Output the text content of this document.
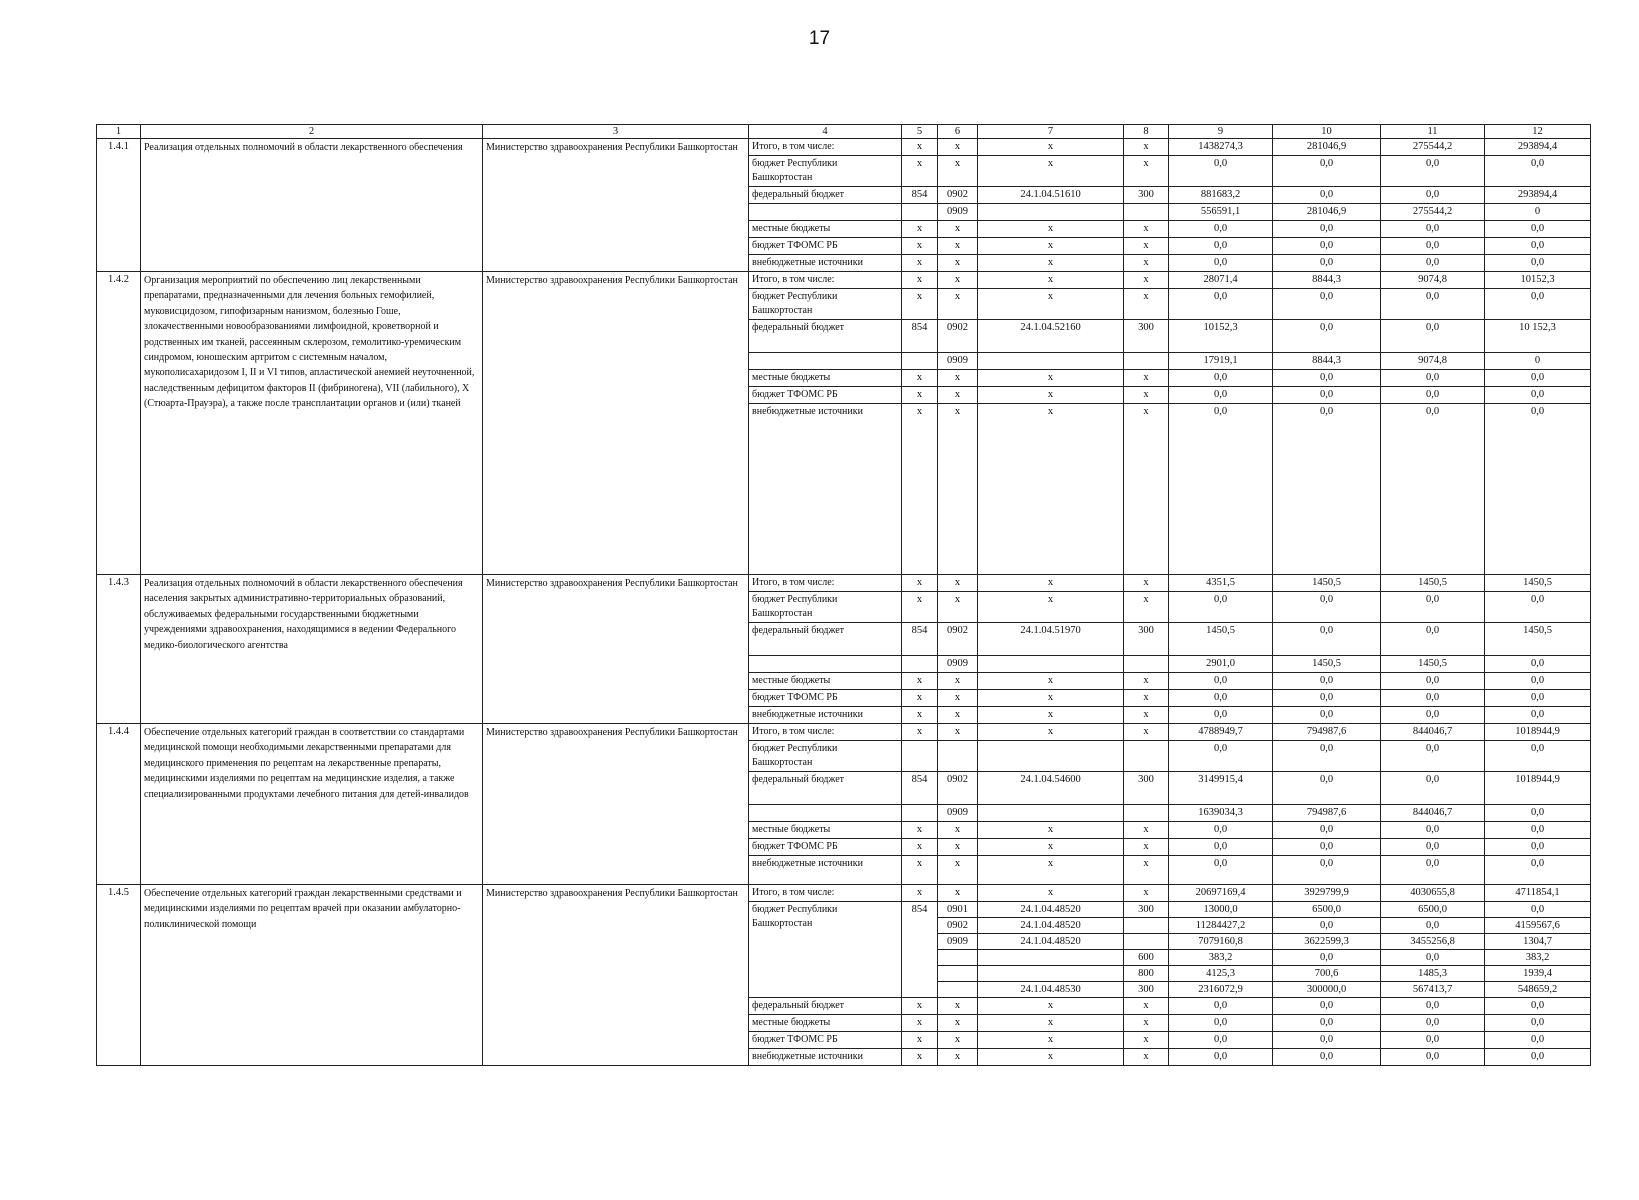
17
1	2	3	4	5	6	7	8	9	10	11	12
1.4.1	Реализация отдельных полномочий в области лекарственного обеспечения	Министерство здравоохранения Республики Башкортостан	Итого, в том числе:	x	x	x	x	1438274,3	281046,9	275544,2	293894,4
			бюджет Республики Башкортостан	x	x	x	x	0,0	0,0	0,0	0,0
			федеральный бюджет	854	0902	24.1.04.51610	300	881683,2	0,0	0,0	293894,4
					0909			556591,1	281046,9	275544,2	0
			местные бюджеты	x	x	x	x	0,0	0,0	0,0	0,0
			бюджет ТФОМС РБ	x	x	x	x	0,0	0,0	0,0	0,0
			внебюджетные источники	x	x	x	x	0,0	0,0	0,0	0,0
1.4.2	Организация мероприятий по обеспечению лиц лекарственными препаратами, предназначенными для лечения больных гемофилией, муковисцидозом, гипофизарным нанизмом, болезнью Гоше, злокачественными новообразованиями лимфоидной, кроветворной и родственных им тканей, рассеянным склерозом, гемолитико-уремическим синдромом, юношеским артритом с системным началом, мукополисахаридозом I, II и VI типов, апластической анемией неуточненной, наследственным дефицитом факторов II (фибриногена), VII (лабильного), X (Стюарта-Прауэра), а также после трансплантации органов и (или) тканей	Министерство здравоохранения Республики Башкортостан	Итого, в том числе:	x	x	x	x	28071,4	8844,3	9074,8	10152,3
			бюджет Республики Башкортостан	x	x	x	x	0,0	0,0	0,0	0,0
			федеральный бюджет	854	0902	24.1.04.52160	300	10152,3	0,0	0,0	10 152,3
					0909			17919,1	8844,3	9074,8	0
			местные бюджеты	x	x	x	x	0,0	0,0	0,0	0,0
			бюджет ТФОМС РБ	x	x	x	x	0,0	0,0	0,0	0,0
			внебюджетные источники	x	x	x	x	0,0	0,0	0,0	0,0
1.4.3	Реализация отдельных полномочий в области лекарственного обеспечения населения закрытых административно-территориальных образований, обслуживаемых федеральными государственными бюджетными учреждениями здравоохранения, находящимися в ведении Федерального медико-биологического агентства	Министерство здравоохранения Республики Башкортостан	Итого, в том числе:	x	x	x	x	4351,5	1450,5	1450,5	1450,5
			бюджет Республики Башкортостан	x	x	x	x	0,0	0,0	0,0	0,0
			федеральный бюджет	854	0902	24.1.04.51970	300	1450,5	0,0	0,0	1450,5
					0909			2901,0	1450,5	1450,5	0,0
			местные бюджеты	x	x	x	x	0,0	0,0	0,0	0,0
			бюджет ТФОМС РБ	x	x	x	x	0,0	0,0	0,0	0,0
			внебюджетные источники	x	x	x	x	0,0	0,0	0,0	0,0
1.4.4	Обеспечение отдельных категорий граждан в соответствии со стандартами медицинской помощи необходимыми лекарственными препаратами для медицинского применения по рецептам на лекарственные препараты, медицинскими изделиями по рецептам на медицинские изделия, а также специализированными продуктами лечебного питания для детей-инвалидов	Министерство здравоохранения Республики Башкортостан	Итого, в том числе:	x	x	x	x	4788949,7	794987,6	844046,7	1018944,9
			бюджет Республики Башкортостан					0,0	0,0	0,0	0,0
			федеральный бюджет	854	0902	24.1.04.54600	300	3149915,4	0,0	0,0	1018944,9
					0909			1639034,3	794987,6	844046,7	0,0
			местные бюджеты	x	x	x	x	0,0	0,0	0,0	0,0
			бюджет ТФОМС РБ	x	x	x	x	0,0	0,0	0,0	0,0
			внебюджетные источники	x	x	x	x	0,0	0,0	0,0	0,0
1.4.5	Обеспечение отдельных категорий граждан лекарственными средствами и медицинскими изделиями по рецептам врачей при оказании амбулаторно-поликлинической помощи	Министерство здравоохранения Республики Башкортостан	Итого, в том числе:	x	x	x	x	20697169,4	3929799,9	4030655,8	4711854,1
			бюджет Республики Башкортостан	854	0901	24.1.04.48520	300	13000,0	6500,0	6500,0	0,0
					0902	24.1.04.48520		11284427,2	0,0	0,0	4159567,6
					0909	24.1.04.48520		7079160,8	3622599,3	3455256,8	1304,7
							600	383,2	0,0	0,0	383,2
							800	4125,3	700,6	1485,3	1939,4
						24.1.04.48530	300	2316072,9	300000,0	567413,7	548659,2
			федеральный бюджет	x	x	x	x	0,0	0,0	0,0	0,0
			местные бюджеты	x	x	x	x	0,0	0,0	0,0	0,0
			бюджет ТФОМС РБ	x	x	x	x	0,0	0,0	0,0	0,0
			внебюджетные источники	x	x	x	x	0,0	0,0	0,0	0,0
